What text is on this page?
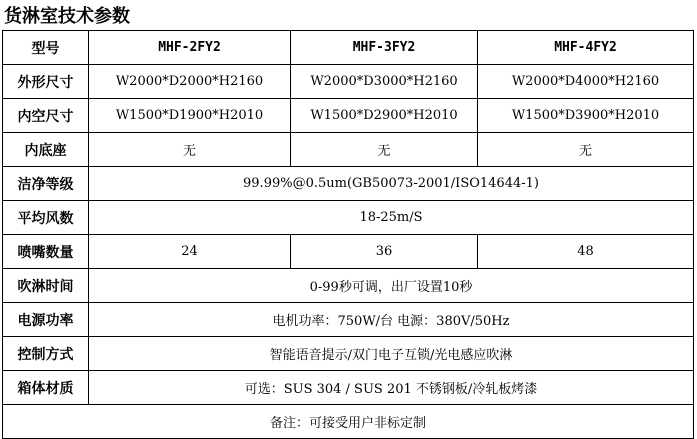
货淋室技术参数
型号	MHF-2FY2	MHF-3FY2	MHF-4FY2
外形尺寸	W2000*D2000*H2160	W2000*D3000*H2160	W2000*D4000*H2160
内空尺寸	W1500*D1900*H2010	W1500*D2900*H2010	W1500*D3900*H2010
内底座	无	无	无
洁净等级	99.99%@0.5um(GB50073-2001/ISO14644-1)		
平均风数	18-25m/S		
喷嘴数量	24	36	48
吹淋时间	0-99秒可调，出厂设置10秒		
电源功率	电机功率：750W/台 电源：380V/50Hz		
控制方式	智能语音提示/双门电子互锁/光电感应吹淋		
箱体材质	可选：SUS 304 / SUS 201 不锈钢板/冷轧板烤漆		
备注：可接受用户非标定制			
